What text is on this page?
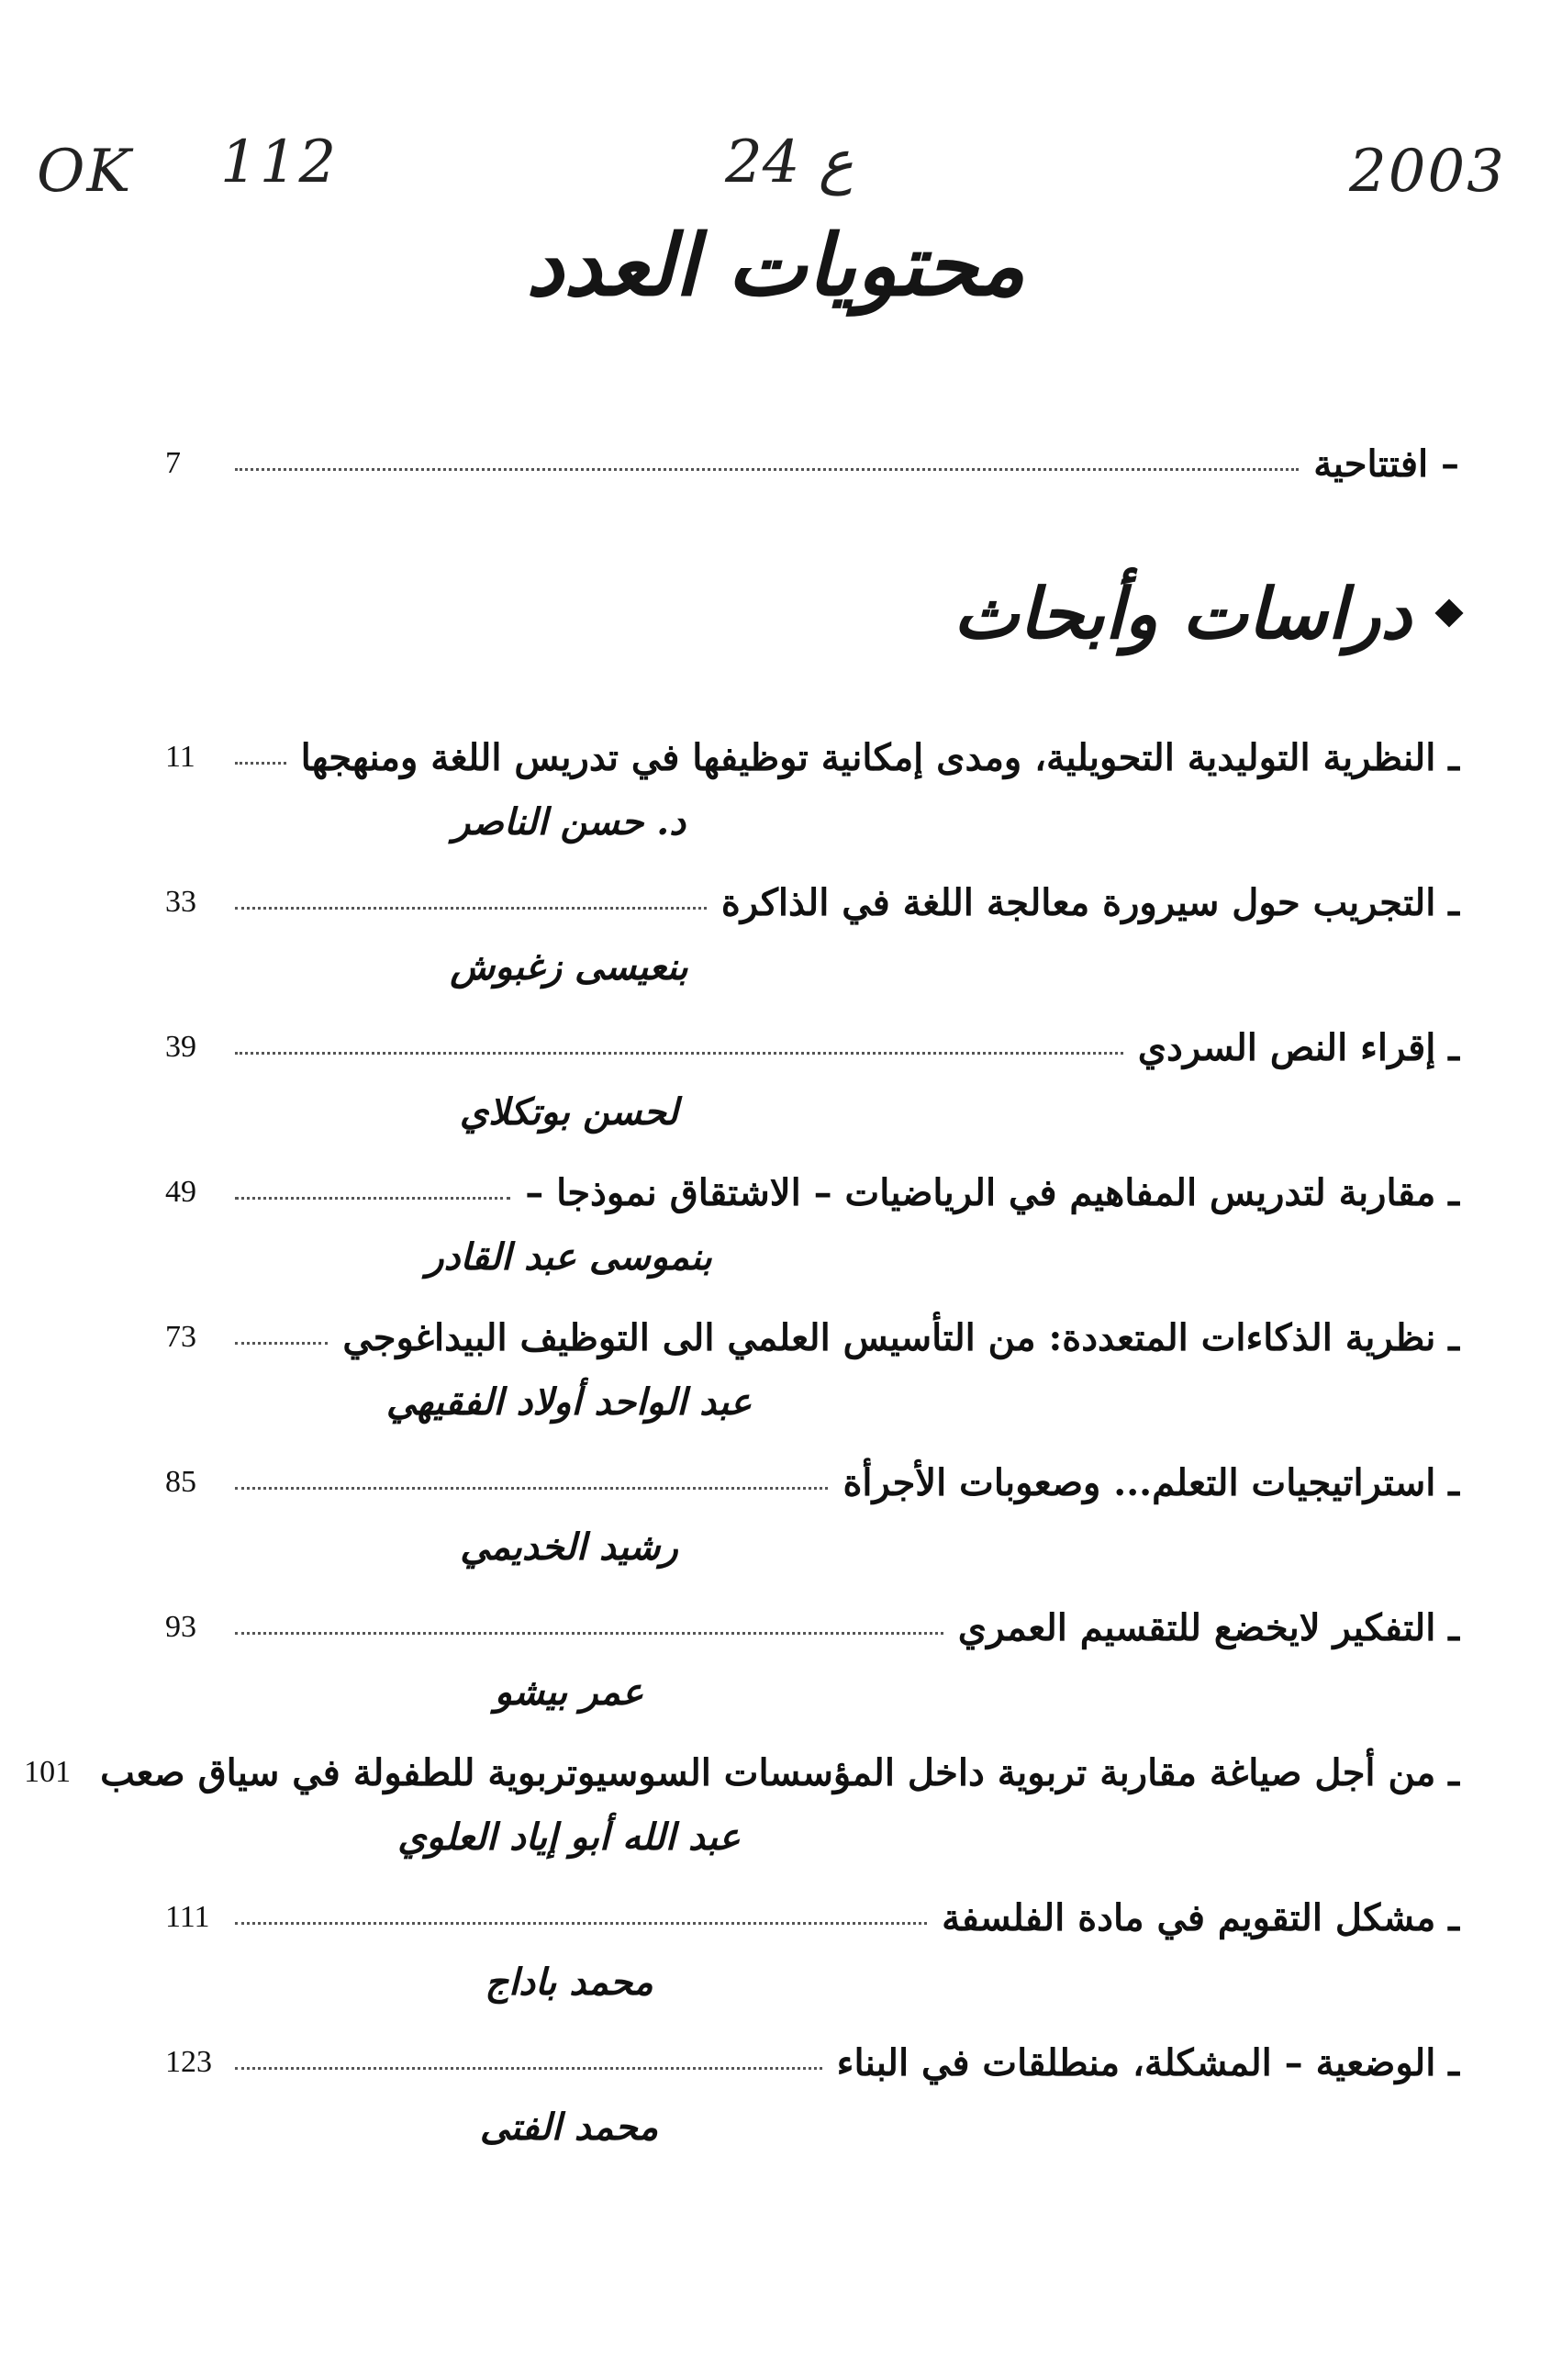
OK 112	24 ع	2003
محتويات العدد
– افتتاحية
7
دراسات وأبحاث
ـ النظرية التوليدية التحويلية، ومدى إمكانية توظيفها في تدريس اللغة ومنهجها
11
د. حسن الناصر
ـ التجريب حول سيرورة معالجة اللغة في الذاكرة
33
بنعيسى زغبوش
ـ إقراء النص السردي
39
لحسن بوتكلاي
ـ مقاربة لتدريس المفاهيم في الرياضيات – الاشتقاق نموذجا –
49
بنموسى عبد القادر
ـ نظرية الذكاءات المتعددة: من التأسيس العلمي الى التوظيف البيداغوجي
73
عبد الواحد أولاد الفقيهي
ـ استراتيجيات التعلم... وصعوبات الأجرأة
85
رشيد الخديمي
ـ التفكير لايخضع للتقسيم العمري
93
عمر بيشو
ـ من أجل صياغة مقاربة تربوية داخل المؤسسات السوسيوتربوية للطفولة في سياق صعب
101
عبد الله أبو إياد العلوي
ـ مشكل التقويم في مادة الفلسفة
111
محمد باداج
ـ الوضعية – المشكلة، منطلقات في البناء
123
محمد الفتى
